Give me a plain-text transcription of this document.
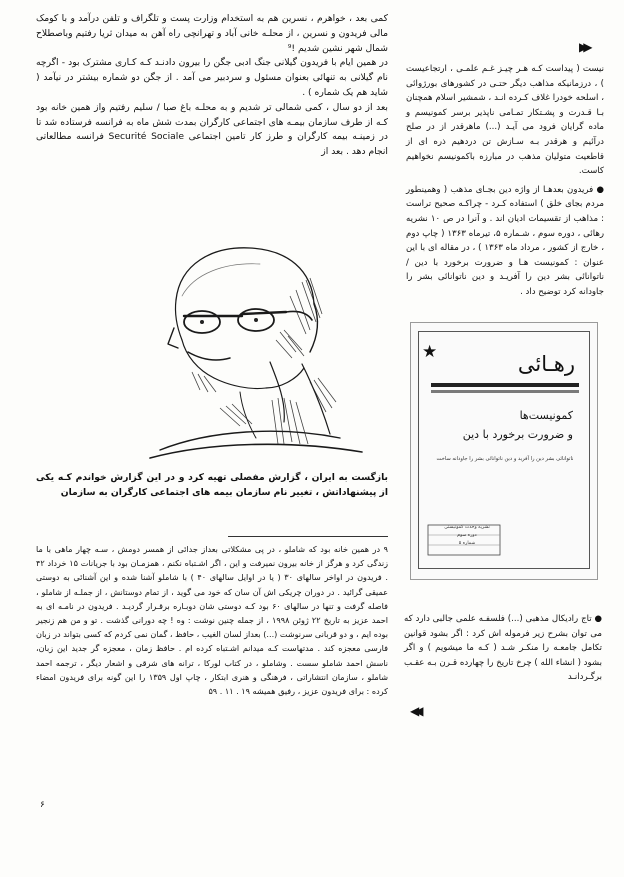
کمی بعد ، خواهرم ، نسرین هم به استخدام وزارت پست و تلگراف و تلفن درآمد و با کومک مالی فریدون و نسرین ، از محلـه خانی آباد و تهرانچی راه آهن به میدان ثریا رفتیم وباصطلاح شمال شهر نشین شدیم !⁹

در همین ایام با فریدون گیلانی جنگ ادبی جگن را بیرون دادنـد کـه کـاری مشترک بود - اگرچه نام گیلانی به تنهائی بعنوان مسئول و سردبیر می آمد . از جگن دو شماره بیشتر در نیآمد ( شاید هم یک شماره ) .

بعد از دو سال ، کمی شمالی تر شدیم و به محلـه باغ صبا / سلیم رفتیم واز همین خانه بود کـه از طرف سازمان بیمـه های اجتماعی کارگران بمدت شش ماه به فرانسه فرستاده شد تا در زمینـه بیمه کارگران و طرز کار تامین اجتماعی Securité Sociale فرانسه مطالعاتی انجام دهد . بعد از

بازگست به ایران ، گزارش مفصلی تهیه کرد و در این گزارش خواندم کـه یکی از پیشنهاداتش ، تغییر نام سازمان بیمه های اجتماعی کارگران به سازمان
۹ در همین خانه بود که شاملو ، در پی مشکلاتی بعداز جدائی از همسر دومش ، سـه چهار ماهی با ما زندگی کرد و هرگز از خانه بیرون نمیرفت و این ، اگر اشـتباه نکنم ، همزمـان بود با جریانات ۱۵ خرداد ۴۲ . فریدون در اواخر سالهای ۳۰ ( یا در اوایل سالهای ۴۰ ) با شاملو آشنا شده و این آشنائی به دوستی عمیقی گرائید . در دوران چریکی اش آن سان که خود می گوید ، از تمام دوستانش ، از جملـه از شاملو ، فاصله گرفت و تنها در سالهای ۶۰ بود کـه دوستی شان دوبـاره برقـرار گردیـد . فریدون در نامـه ای به احمد عزیز به تاریخ ۲۲ ژوئن ۱۹۹۸ ، از جمله چنین نوشت : وه ! چه دورانی گذشت . تو و من هم زنجیر بوده ایم ، و دو قربانی سرنوشت (...) بعداز لسان الغیب ، حافظ ، گمان نمی کردم که کسی بتواند در زبان فارسی معجزه کند . مدتهاست کـه میدانم اشـتباه کرده ام . حافظ زمان ، معجزه گر جدید این زبان، ناسش احمد شاملو سست . وشاملو ، در کتاب لورکا ، ترانه های شرقی و اشعار دیگر ، ترجمه احمد شاملو ، سازمان انتشاراتی ، فرهنگی و هنری ابتکار ، چاپ اول ۱۳۵۹ را این گونه برای فریدون امضاء کرده : برای فریدون عزیز ، رفیق همیشه ۱۹ . ۱۱ . ۵۹
۶
▶▶
نیست ( پیداست کـه هـر چیـز غـم علمـی ، ارتجاعیست ) ، درزمانیکه مذاهب دیگر حتـی در کشورهای بورژوائی ، اسلحه خودرا غلاف کـرده انـد ، شمشیر اسلام همچنان بـا قـدرت و پشـتکار تمـامی ناپذیر برسر کمونیسم و ماده گرایان فرود می آیـد (...) ماهرقدر از در صلح درآئیم و هرقدر بـه سـازش تن دردهیم ذره ای از قاطعیت متولیان مذهب در مبارزه باکمونیسم نخواهیم کاست.
● فریدون بعدهـا از واژه دین بجـای مذهب ( وهمینطور مردم بجای خلق ) استفاده کـرد - چراکـه صحیح تراست : مذاهب از تقسیمات ادیان اند . و آنرا در ص ۱۰ نشریه رهائی ، دوره سوم ، شـماره ۵، تیرماه ۱۳۶۳ ( چاپ دوم ، خارج از کشور ، مرداد ماه ۱۳۶۳ ) ، در مقاله ای با این عنوان : کمونیست هـا و ضرورت برخورد با دین / ناتوانائی بشر دین را آفریـد و دین ناتوانائی بشر را جاودانه کرد توضیح داد .
★	رهـائی
کمونیست‌ها
و ضرورت برخورد با دین
ناتوانائی بشر دین را آفرید و دین ناتوانائی بشر را جاودانه ساخت
نشریه وحدت کمونیستی
دوره سوم
شماره ۵
● تاج رادیکال مذهبی (...) فلسفـه علمی جالبی دارد که می توان بشرح زیر فرموله اش کرد : اگر بشود قوانین تکامل جامعـه را منکـر شـد ( کـه ما میشویم ) و اگر بشود ( انشاء الله ) چرخ تاریخ را چهارده قـرن بـه عقـب برگـردانـد
◀◀
